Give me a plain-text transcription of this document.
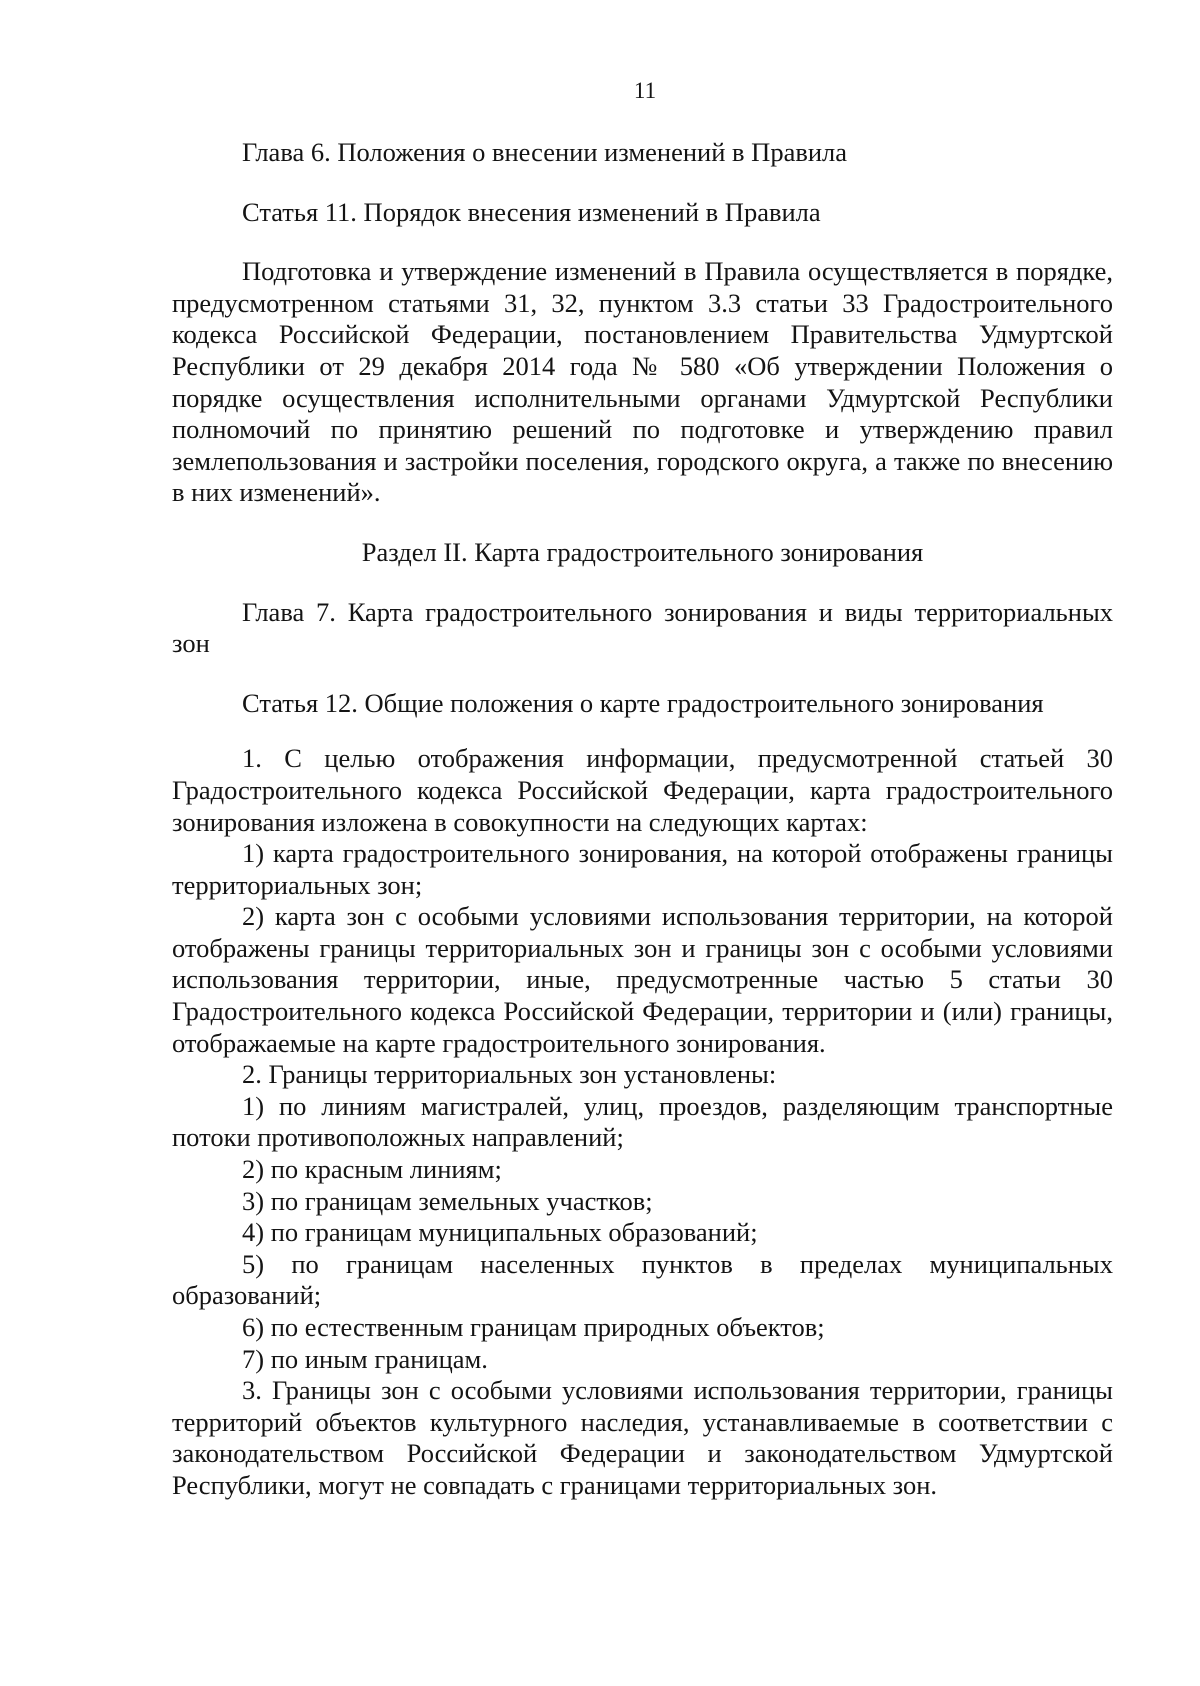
11

Глава 6. Положения о внесении изменений в Правила

Статья 11. Порядок внесения изменений в Правила

Подготовка и утверждение изменений в Правила осуществляется в порядке, предусмотренном статьями 31, 32, пунктом 3.3 статьи 33 Градостроительного кодекса Российской Федерации, постановлением Правительства Удмуртской Республики от 29 декабря 2014 года № 580 «Об утверждении Положения о порядке осуществления исполнительными органами Удмуртской Республики полномочий по принятию решений по подготовке и утверждению правил землепользования и застройки поселения, городского округа, а также по внесению в них изменений».

Раздел II. Карта градостроительного зонирования

Глава 7. Карта градостроительного зонирования и виды территориальных зон

Статья 12. Общие положения о карте градостроительного зонирования

1. С целью отображения информации, предусмотренной статьей 30 Градостроительного кодекса Российской Федерации, карта градостроительного зонирования изложена в совокупности на следующих картах:

1) карта градостроительного зонирования, на которой отображены границы территориальных зон;

2) карта зон с особыми условиями использования территории, на которой отображены границы территориальных зон и границы зон с особыми условиями использования территории, иные, предусмотренные частью 5 статьи 30 Градостроительного кодекса Российской Федерации, территории и (или) границы, отображаемые на карте градостроительного зонирования.

2. Границы территориальных зон установлены:

1) по линиям магистралей, улиц, проездов, разделяющим транспортные потоки противоположных направлений;

2) по красным линиям;

3) по границам земельных участков;

4) по границам муниципальных образований;

5) по границам населенных пунктов в пределах муниципальных образований;

6) по естественным границам природных объектов;

7) по иным границам.

3. Границы зон с особыми условиями использования территории, границы территорий объектов культурного наследия, устанавливаемые в соответствии с законодательством Российской Федерации и законодательством Удмуртской Республики, могут не совпадать с границами территориальных зон.
